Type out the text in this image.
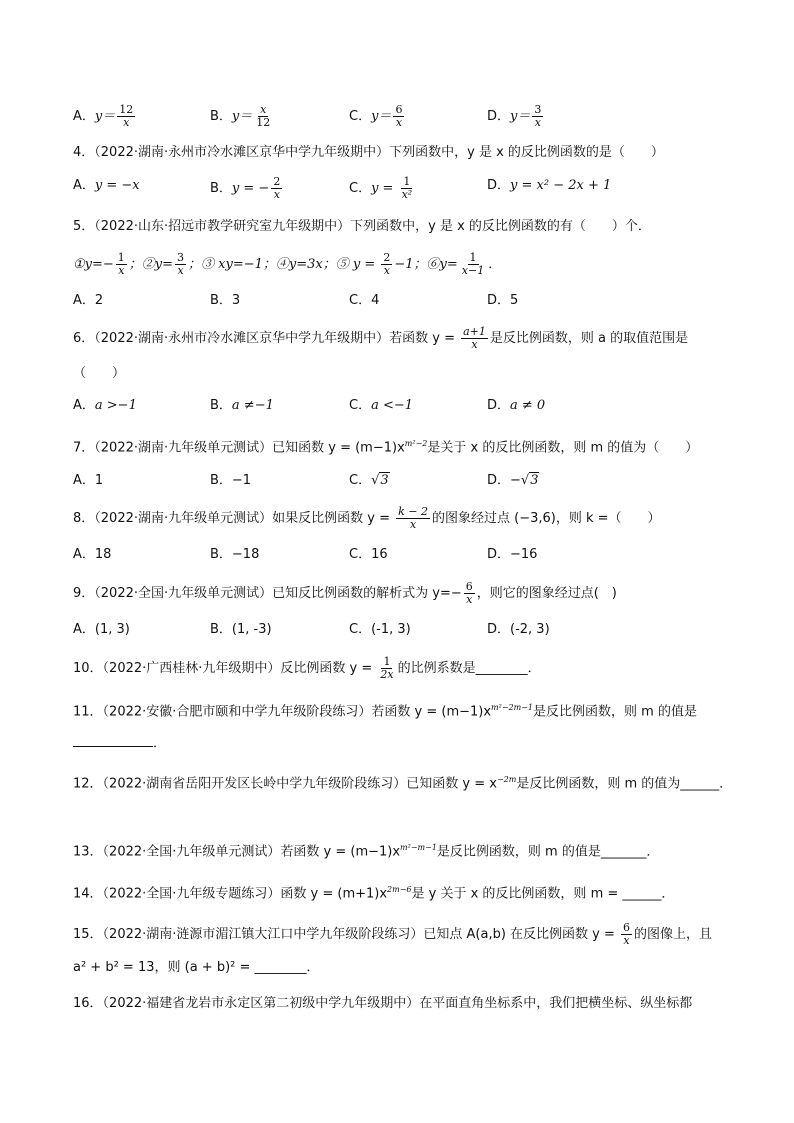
A．$y= \frac{12}{x}$	B．$y= \frac{x}{12}$	C．$y= \frac{6}{x}$	D．$y= \frac{3}{x}$
4．（2022·湖南·永州市冷水滩区京华中学九年级期中）下列函数中，y 是 x 的反比例函数的是（　　）
A．y = −x	B．y = − $\frac{2}{x}$	C．$y = \frac{1}{\text{x²}}$	D．y = x² − 2x + 1
5．（2022·山东·招远市教学研究室九年级期中）下列函数中，y 是 x 的反比例函数的有（　　）个．
①y=− $\frac{1}{x}$ ；②y= $\frac{3}{x}$ ；③ xy=−1；④y=3x；⑤ $y = \frac{2}{x} -1$；⑥y= $\frac{1}{x-1}$ ．
A．2	B．3	C．4	D．5
6．（2022·湖南·永州市冷水滩区京华中学九年级期中）若函数 $y = \frac{a+1}{x}$ 是反比例函数，则 a 的取值范围是
（　　）
A．a >−1	B．a ≠−1	C．a <−1	D．a ≠ 0
7．（2022·湖南·九年级单元测试）已知函数 $y = (m-1)x^{m^2-2}$是关于 x 的反比例函数，则 m 的值为（　　）
A．1	B．−1	C．√3	D．−√3
8．（2022·湖南·九年级单元测试）如果反比例函数 $y = \frac{k - 2}{x}$ 的图象经过点 (−3,6)，则 k =（　　）
A．18	B．−18	C．16	D．−16
9．（2022·全国·九年级单元测试）已知反比例函数的解析式为 $y=- \frac{6}{x}$ ，则它的图象经过点(　)
A．(1, 3)	B．(1, -3)	C．(-1, 3)	D．(-2, 3)
10．（2022·广西桂林·九年级期中）反比例函数 $y = \frac{1}{2x}$ 的比例系数是________．
11．（2022·安徽·合肥市颐和中学九年级阶段练习）若函数 $y = (m-1)x^{m^2-2m-1}$是反比例函数，则 m 的值是
．
12．（2022·湖南省岳阳开发区长岭中学九年级阶段练习）已知函数 $y = x^{-2m}$是反比例函数，则 m 的值为______．
13．（2022·全国·九年级单元测试）若函数 $y = (m-1)x^{m^2-m-1}$是反比例函数，则 m 的值是_______．
14．（2022·全国·九年级专题练习）函数 $y = (m+1)x^{2m-6}$是 y 关于 x 的反比例函数，则 m = ______．
15．（2022·湖南·涟源市湄江镇大江口中学九年级阶段练习）已知点 A(a,b) 在反比例函数 $y = \frac{6}{x}$ 的图像上，且
a² + b² = 13，则 (a + b)² = ________．
16．（2022·福建省龙岩市永定区第二初级中学九年级期中）在平面直角坐标系中，我们把横坐标、纵坐标都
